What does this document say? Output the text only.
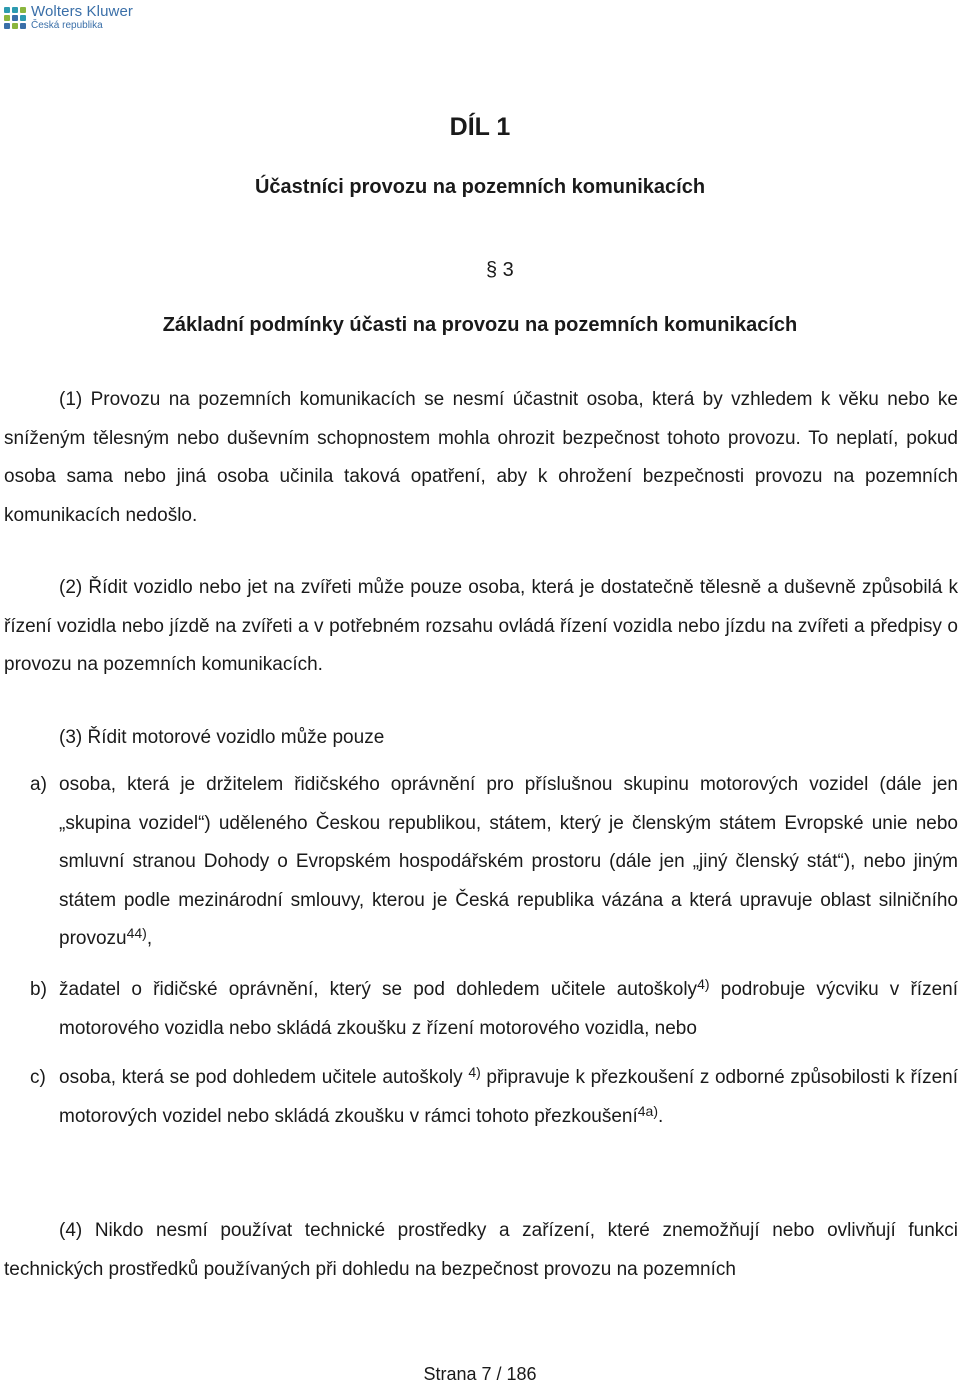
Wolters Kluwer
Česká republika
DÍL 1
Účastníci provozu na pozemních komunikacích
§ 3
Základní podmínky účasti na provozu na pozemních komunikacích
(1) Provozu na pozemních komunikacích se nesmí účastnit osoba, která by vzhledem k věku nebo ke sníženým tělesným nebo duševním schopnostem mohla ohrozit bezpečnost tohoto provozu. To neplatí, pokud osoba sama nebo jiná osoba učinila taková opatření, aby k ohrožení bezpečnosti provozu na pozemních komunikacích nedošlo.
(2) Řídit vozidlo nebo jet na zvířeti může pouze osoba, která je dostatečně tělesně a duševně způsobilá k řízení vozidla nebo jízdě na zvířeti a v potřebném rozsahu ovládá řízení vozidla nebo jízdu na zvířeti a předpisy o provozu na pozemních komunikacích.
(3) Řídit motorové vozidlo může pouze
a) osoba, která je držitelem řidičského oprávnění pro příslušnou skupinu motorových vozidel (dále jen „skupina vozidel“) uděleného Českou republikou, státem, který je členským státem Evropské unie nebo smluvní stranou Dohody o Evropském hospodářském prostoru (dále jen „jiný členský stát“), nebo jiným státem podle mezinárodní smlouvy, kterou je Česká republika vázána a která upravuje oblast silničního provozu$^{44)}$,
b) žadatel o řidičské oprávnění, který se pod dohledem učitele autoškoly$^{4)}$ podrobuje výcviku v řízení motorového vozidla nebo skládá zkoušku z řízení motorového vozidla, nebo
c) osoba, která se pod dohledem učitele autoškoly $^{4)}$ připravuje k přezkoušení z odborné způsobilosti k řízení motorových vozidel nebo skládá zkoušku v rámci tohoto přezkoušení$^{4a)}$.
(4) Nikdo nesmí používat technické prostředky a zařízení, které znemožňují nebo ovlivňují funkci technických prostředků používaných při dohledu na bezpečnost provozu na pozemních
Strana 7 / 186
